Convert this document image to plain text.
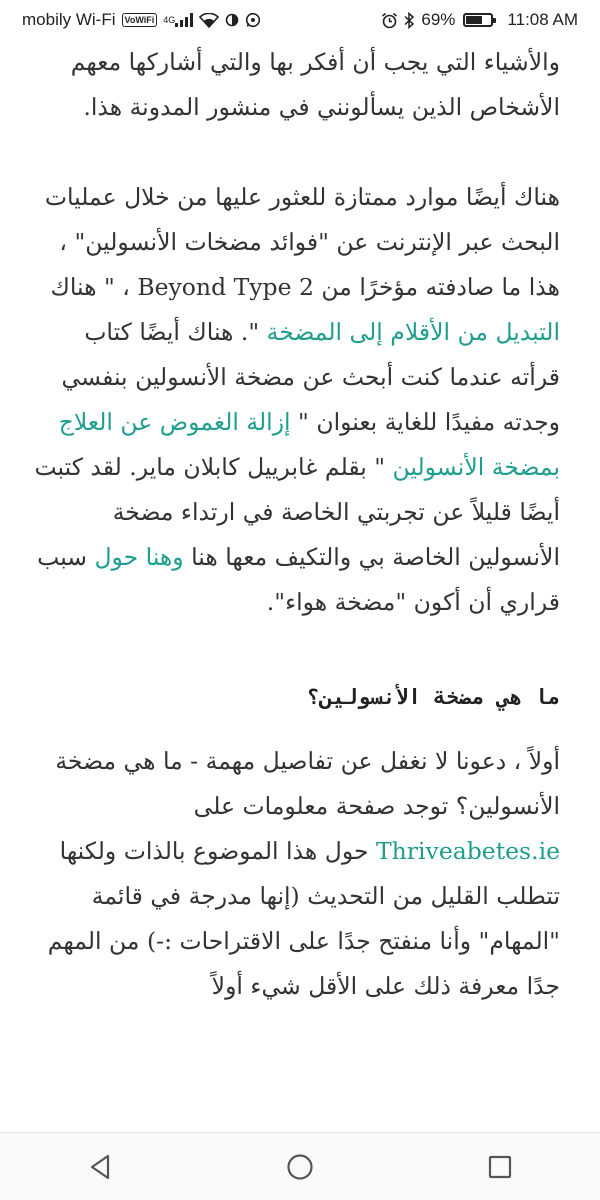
mobily Wi-Fi	VoWiFi	4G	69%	11:08 AM

والأشياء التي يجب أن أفكر بها والتي أشاركها معهم الأشخاص الذين يسألونني في منشور المدونة هذا.

هناك أيضًا موارد ممتازة للعثور عليها من خلال عمليات البحث عبر الإنترنت عن "فوائد مضخات الأنسولين" ، هذا ما صادفته مؤخرًا من Beyond Type 2 ، " هناك التبديل من الأقلام إلى المضخة ". هناك أيضًا كتاب قرأته عندما كنت أبحث عن مضخة الأنسولين بنفسي وجدته مفيدًا للغاية بعنوان " إزالة الغموض عن العلاج بمضخة الأنسولين " بقلم غابرييل كابلان ماير. لقد كتبت أيضًا قليلاً عن تجربتي الخاصة في ارتداء مضخة الأنسولين الخاصة بي والتكيف معها هنا وهنا حول سبب قراري أن أكون "مضخة هواء".

ما هي مضخة الأنسولين؟

أولاً ، دعونا لا نغفل عن تفاصيل مهمة - ما هي مضخة الأنسولين؟ توجد صفحة معلومات على Thriveabetes.ie حول هذا الموضوع بالذات ولكنها تتطلب القليل من التحديث (إنها مدرجة في قائمة "المهام" وأنا منفتح جدًا على الاقتراحات :-) من المهم جدًا معرفة ذلك على الأقل شيء أولاً
